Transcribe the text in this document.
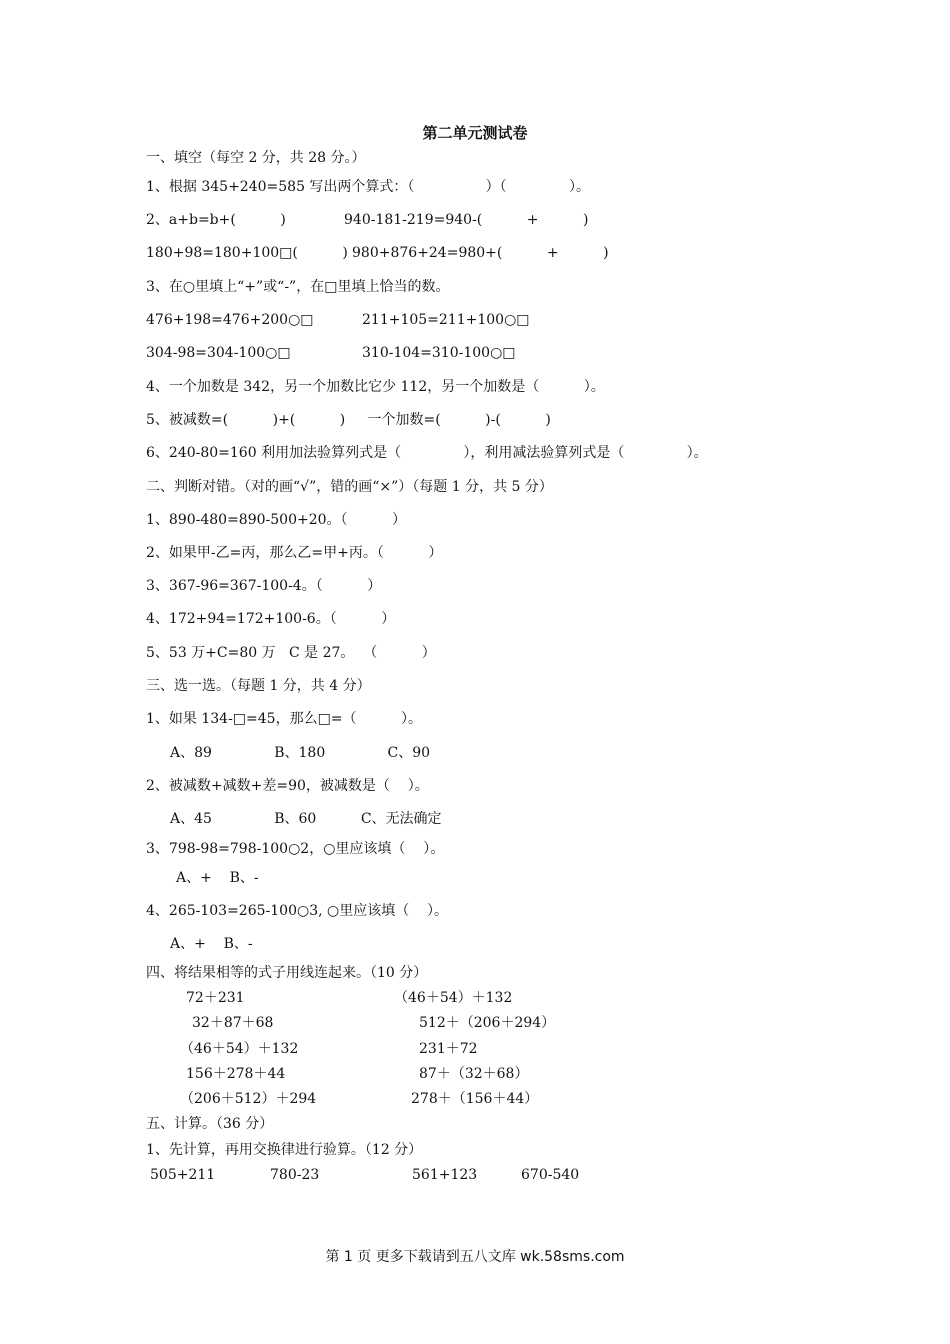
第二单元测试卷
一、填空（每空 2 分，共 28 分。）
1、根据 345+240=585 写出两个算式：（                ）（              ）。
2、a+b=b+(          )	940-181-219=940-(          +          )
180+98=180+100□(          ) 980+876+24=980+(          +          )
3、在○里填上“+”或“-”，在□里填上恰当的数。
476+198=476+200○□	211+105=211+100○□
304-98=304-100○□	310-104=310-100○□
4、一个加数是 342，另一个加数比它少 112，另一个加数是（          ）。
5、被减数=(          )+(          )     一个加数=(          )-(          )
6、240-80=160 利用加法验算列式是（              ），利用减法验算列式是（              ）。
二、判断对错。（对的画“√”，错的画“×”）（每题 1 分，共 5 分）
1、890-480=890-500+20。（          ）
2、如果甲-乙=丙，那么乙=甲+丙。（          ）
3、367-96=367-100-4。（          ）
4、172+94=172+100-6。（          ）
5、53 万+C=80 万   C 是 27。  （          ）
三、选一选。（每题 1 分，共 4 分）
1、如果 134-□=45，那么□=（          ）。
A、89              B、180              C、90
2、被减数+减数+差=90，被减数是（    ）。
A、45              B、60          C、无法确定
3、798-98=798-100○2，○里应该填（    ）。
A、+    B、-
4、265-103=265-100○3, ○里应该填（    ）。
A、+    B、-
四、将结果相等的式子用线连起来。（10 分）
72＋231	（46＋54）＋132
32＋87＋68	512＋（206＋294）
（46＋54）＋132	231＋72
156＋278＋44	87＋（32＋68）
（206＋512）＋294	278＋（156＋44）
五、计算。（36 分）
1、先计算，再用交换律进行验算。（12 分）
505+211	780-23	561+123	670-540
第 1 页 更多下载请到五八文库 wk.58sms.com
